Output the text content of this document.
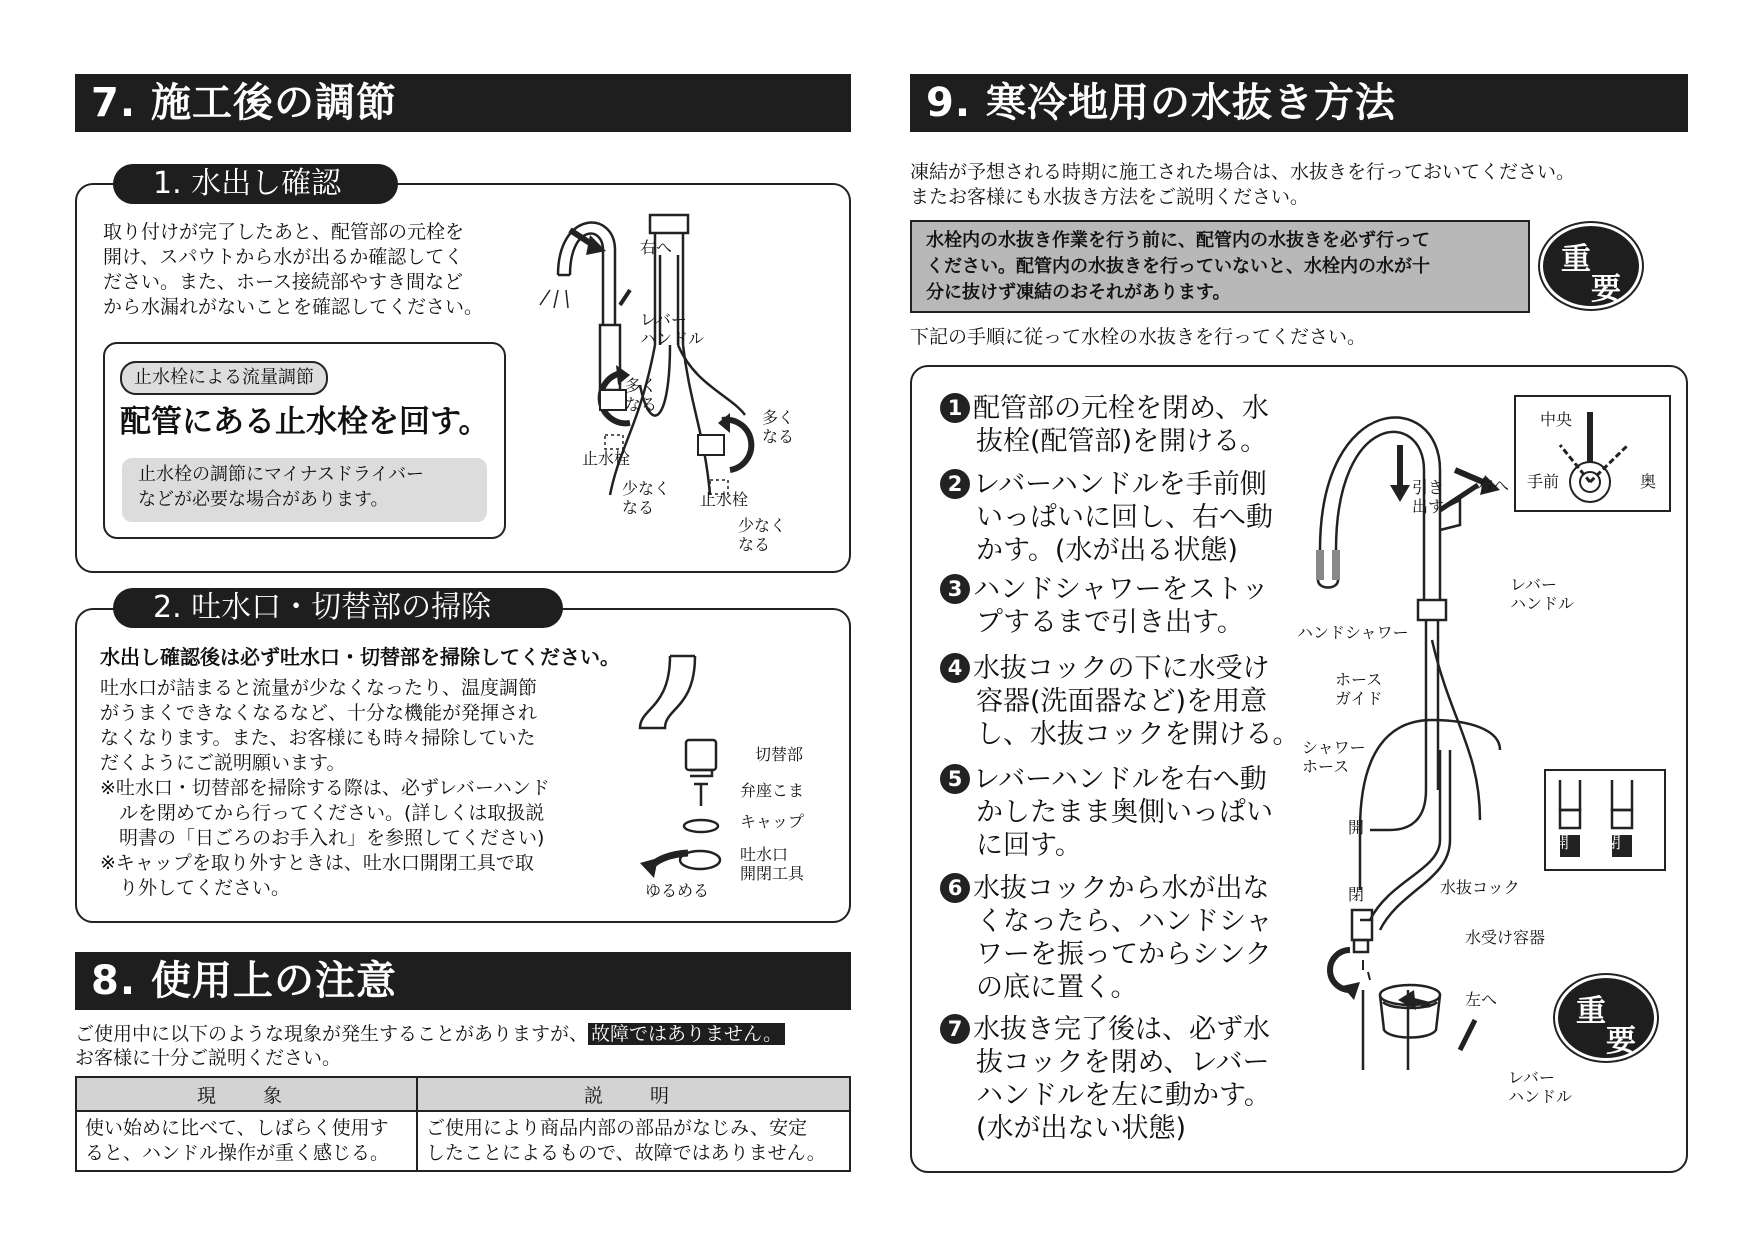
7. 施工後の調節
1. 水出し確認
取り付けが完了したあと、配管部の元栓を
開け、スパウトから水が出るか確認してく
ださい。また、ホース接続部やすき間など
から水漏れがないことを確認してください。
止水栓による流量調節
配管にある止水栓を回す。
止水栓の調節にマイナスドライバー
などが必要な場合があります。
右へ
レバー
ハンドル
多く
なる
多く
なる
止水栓
止水栓
少なく
なる
少なく
なる
2. 吐水口・切替部の掃除
水出し確認後は必ず吐水口・切替部を掃除してください。
吐水口が詰まると流量が少なくなったり、温度調節
がうまくできなくなるなど、十分な機能が発揮され
なくなります。また、お客様にも時々掃除していた
だくようにご説明願います。
※吐水口・切替部を掃除する際は、必ずレバーハンド
　ルを閉めてから行ってください。(詳しくは取扱説
　明書の「日ごろのお手入れ」を参照してください)
※キャップを取り外すときは、吐水口開閉工具で取
　り外してください。
切替部
弁座こま
キャップ
吐水口
開閉工具
ゆるめる
8. 使用上の注意
ご使用中に以下のような現象が発生することがありますが、 故障ではありません。
お客様に十分ご説明ください。
現　象	説　明
使い始めに比べて、しばらく使用す
ると、ハンドル操作が重く感じる。	ご使用により商品内部の部品がなじみ、安定
したことによるもので、故障ではありません。
9. 寒冷地用の水抜き方法
凍結が予想される時期に施工された場合は、水抜きを行っておいてください。
またお客様にも水抜き方法をご説明ください。
水栓内の水抜き作業を行う前に、配管内の水抜きを必ず行って
ください。配管内の水抜きを行っていないと、水栓内の水が十
分に抜けず凍結のおそれがあります。
重
要
下記の手順に従って水栓の水抜きを行ってください。
1 配管部の元栓を閉め、水
抜栓(配管部)を開ける。
2 レバーハンドルを手前側
いっぱいに回し、右へ動
かす。(水が出る状態)
3 ハンドシャワーをストッ
プするまで引き出す。
4 水抜コックの下に水受け
容器(洗面器など)を用意
し、水抜コックを開ける。
5 レバーハンドルを右へ動
かしたまま奥側いっぱい
に回す。
6 水抜コックから水が出な
くなったら、ハンドシャ
ワーを振ってからシンク
の底に置く。
7 水抜き完了後は、必ず水
抜コックを閉め、レバー
ハンドルを左に動かす。
(水が出ない状態)
引き
出す
右へ
中央
手前	奥
レバー
ハンドル
ハンドシャワー
ホース
ガイド
シャワー
ホース
開
閉	水抜コック
水受け容器
左へ
レバー
ハンドル
開 閉
重
要
